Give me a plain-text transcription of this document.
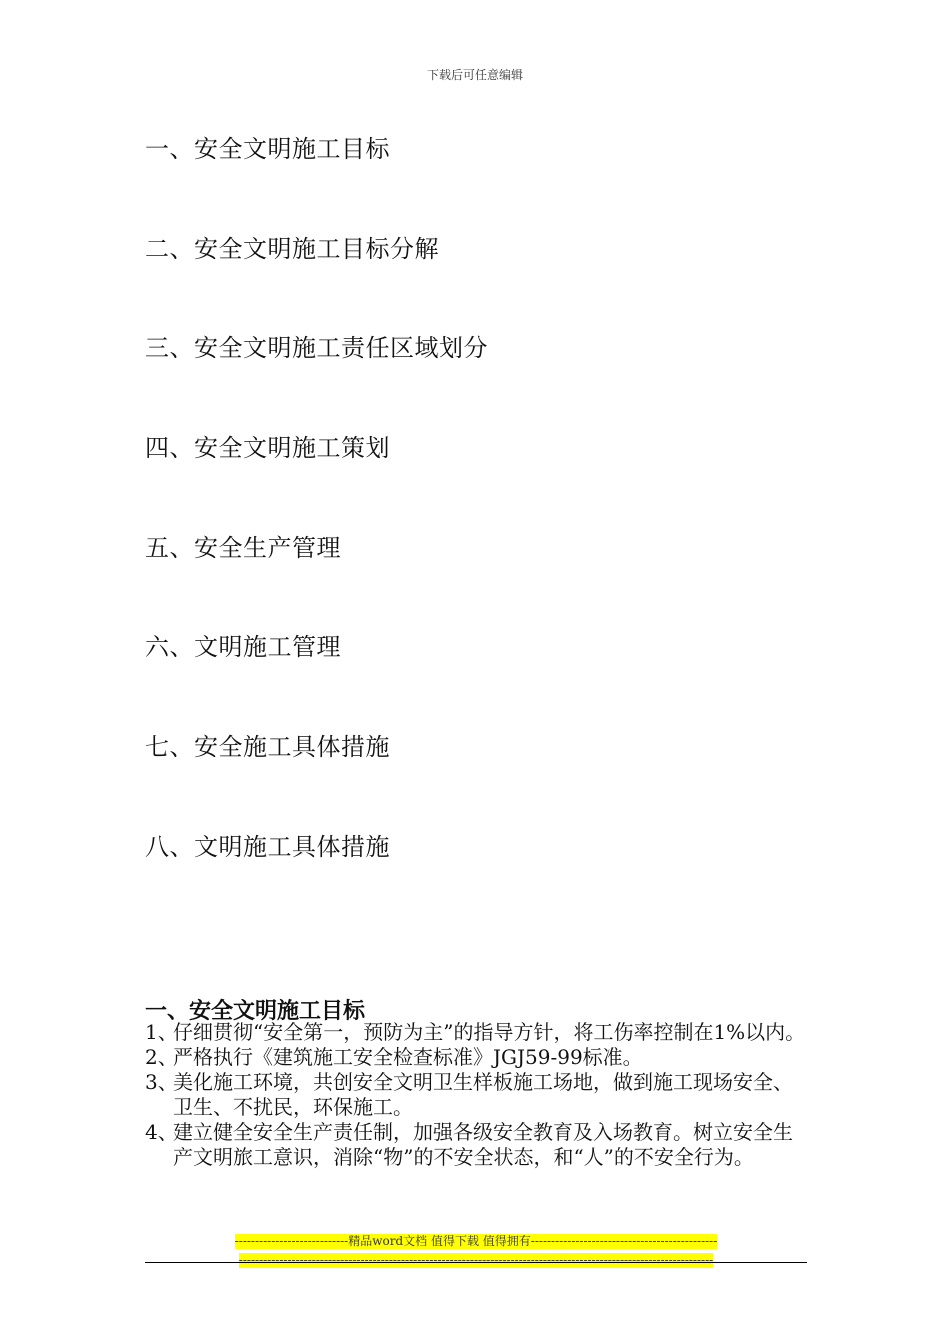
下载后可任意编辑
一、安全文明施工目标
二、安全文明施工目标分解
三、安全文明施工责任区域划分
四、安全文明施工策划
五、安全生产管理
六、文明施工管理
七、安全施工具体措施
八、文明施工具体措施
一、安全文明施工目标
1、
仔细贯彻“安全第一，预防为主”的指导方针，将工伤率控制在1%以内。
2、
严格执行《建筑施工安全检查标准》JGJ59-99标准。
3、
美化施工环境，共创安全文明卫生样板施工场地，做到施工现场安全、卫生、不扰民，环保施工。
4、
建立健全安全生产责任制，加强各级安全教育及入场教育。树立安全生产文明旅工意识，消除“物”的不安全状态，和“人”的不安全行为。
----------------------------精品word文档 值得下载 值得拥有----------------------------------------------
---------------------------------------------------------------------------------------------------------------------
